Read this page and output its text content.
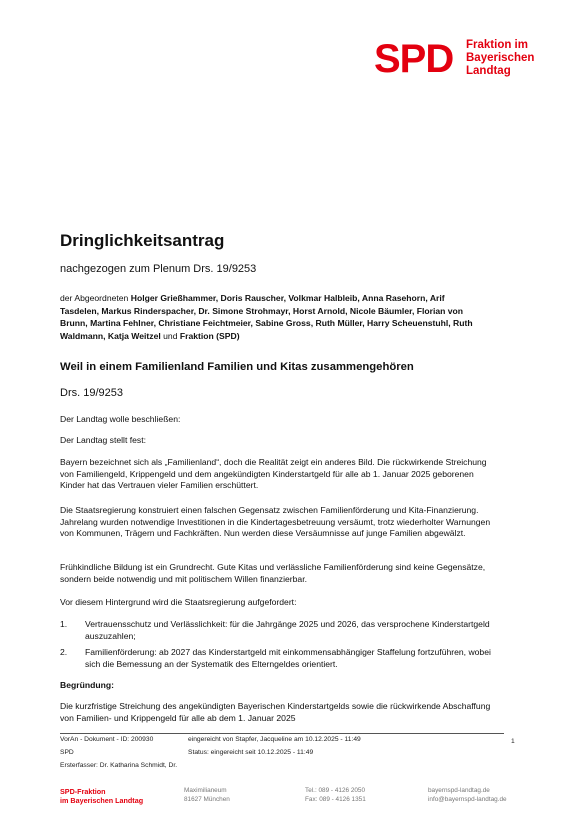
SPD Fraktion im
Bayerischen
Landtag
Dringlichkeitsantrag
nachgezogen zum Plenum Drs. 19/9253
der Abgeordneten Holger Grießhammer, Doris Rauscher, Volkmar Halbleib, Anna Rasehorn, Arif Tasdelen, Markus Rinderspacher, Dr. Simone Strohmayr, Horst Arnold, Nicole Bäumler, Florian von Brunn, Martina Fehlner, Christiane Feichtmeier, Sabine Gross, Ruth Müller, Harry Scheuenstuhl, Ruth Waldmann, Katja Weitzel und Fraktion (SPD)
Weil in einem Familienland Familien und Kitas zusammengehören
Drs. 19/9253
Der Landtag wolle beschließen:
Der Landtag stellt fest:
Bayern bezeichnet sich als „Familienland“, doch die Realität zeigt ein anderes Bild. Die rückwirkende Streichung von Familiengeld, Krippengeld und dem angekündigten Kinderstartgeld für alle ab 1. Januar 2025 geborenen Kinder hat das Vertrauen vieler Familien erschüttert.
Die Staatsregierung konstruiert einen falschen Gegensatz zwischen Familienförderung und Kita-Finanzierung. Jahrelang wurden notwendige Investitionen in die Kindertagesbetreuung versäumt, trotz wiederholter Warnungen von Kommunen, Trägern und Fachkräften. Nun werden diese Versäumnisse auf junge Familien abgewälzt.
Frühkindliche Bildung ist ein Grundrecht. Gute Kitas und verlässliche Familienförderung sind keine Gegensätze, sondern beide notwendig und mit politischem Willen finanzierbar.
Vor diesem Hintergrund wird die Staatsregierung aufgefordert:
1. Vertrauensschutz und Verlässlichkeit: für die Jahrgänge 2025 und 2026, das versprochene Kinderstartgeld auszuzahlen;
2. Familienförderung: ab 2027 das Kinderstartgeld mit einkommensabhängiger Staffelung fortzuführen, wobei sich die Bemessung an der Systematik des Elterngeldes orientiert.
Begründung:
Die kurzfristige Streichung des angekündigten Bayerischen Kinderstartgelds sowie die rückwirkende Abschaffung von Familien- und Krippengeld für alle ab dem 1. Januar 2025
VorAn - Dokument - ID: 200930	eingereicht von Stapfer, Jacqueline am 10.12.2025 - 11:49	1
SPD	Status: eingereicht seit 10.12.2025 - 11:49
Ersterfasser: Dr. Katharina Schmidt, Dr.
SPD-Fraktion
im Bayerischen Landtag
Maximilianeum
81627 München
Tel.: 089 - 4126 2050
Fax: 089 - 4126 1351
bayernspd-landtag.de
info@bayernspd-landtag.de
